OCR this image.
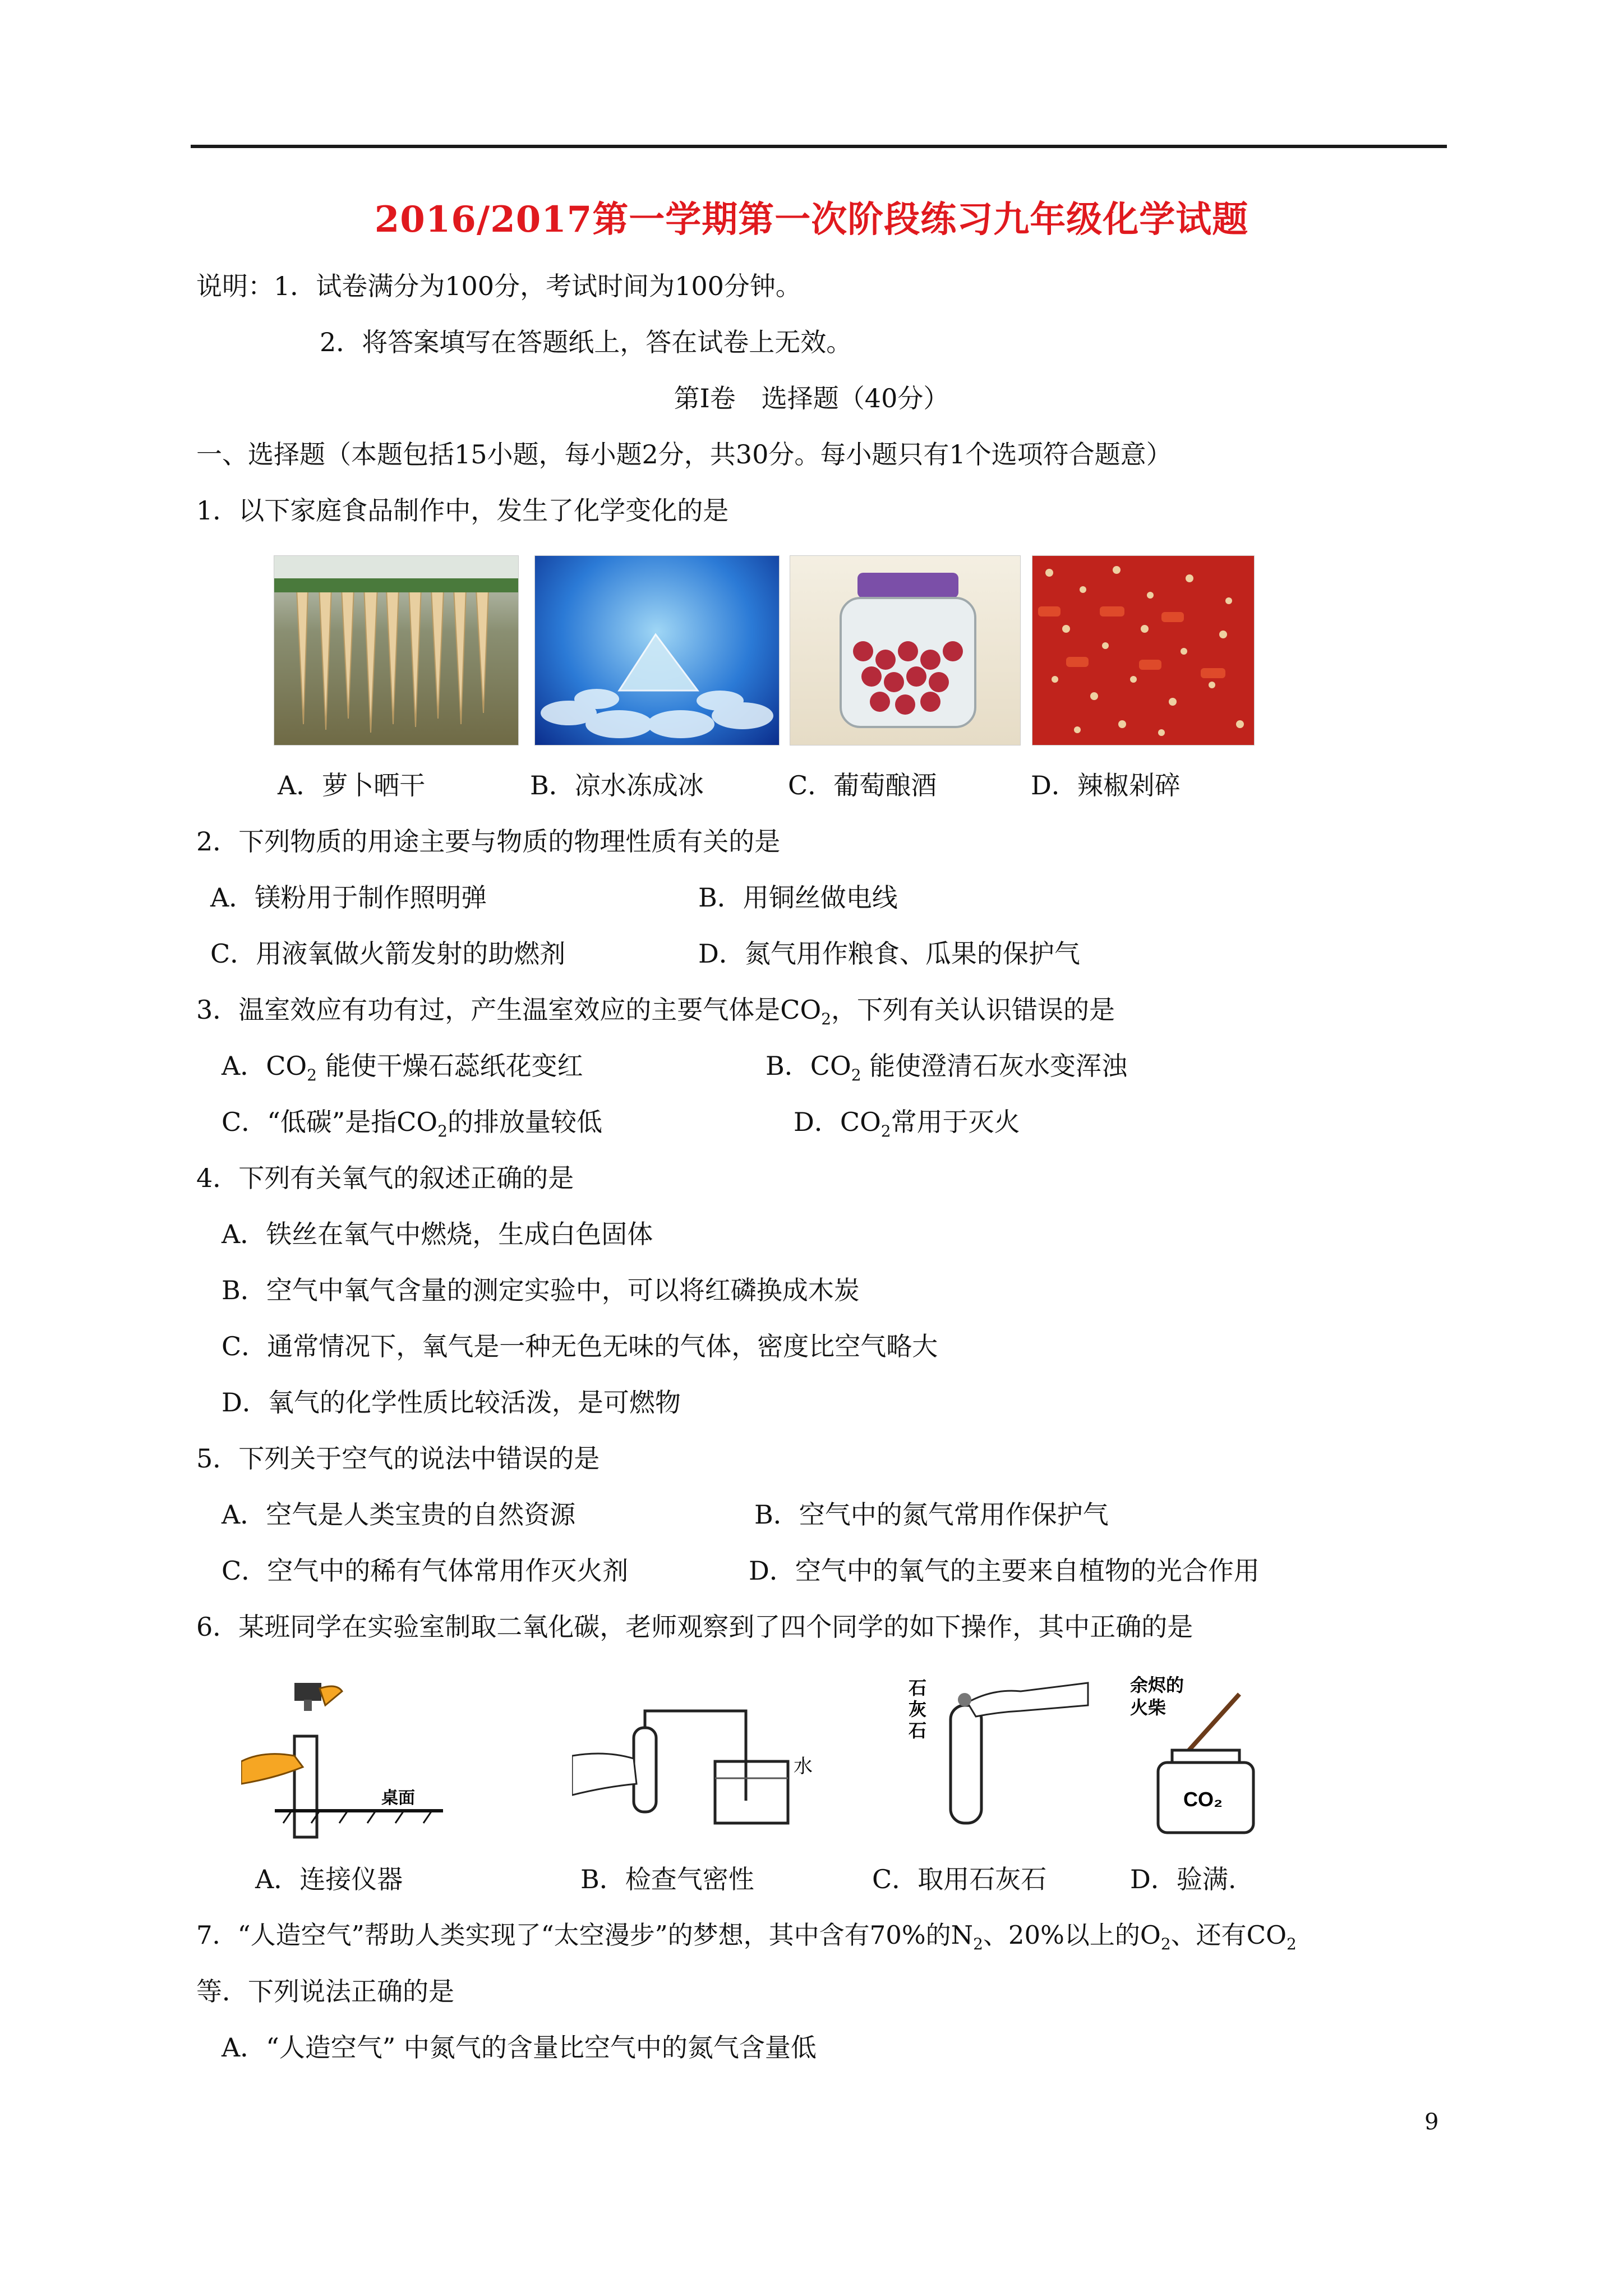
2016/2017第一学期第一次阶段练习九年级化学试题
说明：1．试卷满分为100分，考试时间为100分钟。
2．将答案填写在答题纸上，答在试卷上无效。
第Ⅰ卷　选择题（40分）
一、选择题（本题包括15小题，每小题2分，共30分。每小题只有1个选项符合题意）
1．以下家庭食品制作中，发生了化学变化的是
A．萝卜晒干	B．凉水冻成冰	C．葡萄酿酒	D．辣椒剁碎
2．下列物质的用途主要与物质的物理性质有关的是
A．镁粉用于制作照明弹	B．用铜丝做电线
C．用液氧做火箭发射的助燃剂	D．氮气用作粮食、瓜果的保护气
3．温室效应有功有过，产生温室效应的主要气体是$CO_2$，下列有关认识错误的是
A．$CO_2$ 能使干燥石蕊纸花变红	B．$CO_2$ 能使澄清石灰水变浑浊
C．“低碳”是指$CO_2$的排放量较低	D．$CO_2$常用于灭火
4．下列有关氧气的叙述正确的是
A．铁丝在氧气中燃烧，生成白色固体
B．空气中氧气含量的测定实验中，可以将红磷换成木炭
C．通常情况下，氧气是一种无色无味的气体，密度比空气略大
D．氧气的化学性质比较活泼，是可燃物
5．下列关于空气的说法中错误的是
A．空气是人类宝贵的自然资源	B．空气中的氮气常用作保护气
C．空气中的稀有气体常用作灭火剂	D．空气中的氧气的主要来自植物的光合作用
6．某班同学在实验室制取二氧化碳，老师观察到了四个同学的如下操作，其中正确的是
桌面
水
石
灰
石
余烬的
火柴
CO₂
A．连接仪器	B．检查气密性	C．取用石灰石	D．验满.
7．“人造空气”帮助人类实现了“太空漫步”的梦想，其中含有70%的$N_2$、20%以上的$O_2$、还有$CO_2$
等．下列说法正确的是
A．“人造空气” 中氮气的含量比空气中的氮气含量低
9
